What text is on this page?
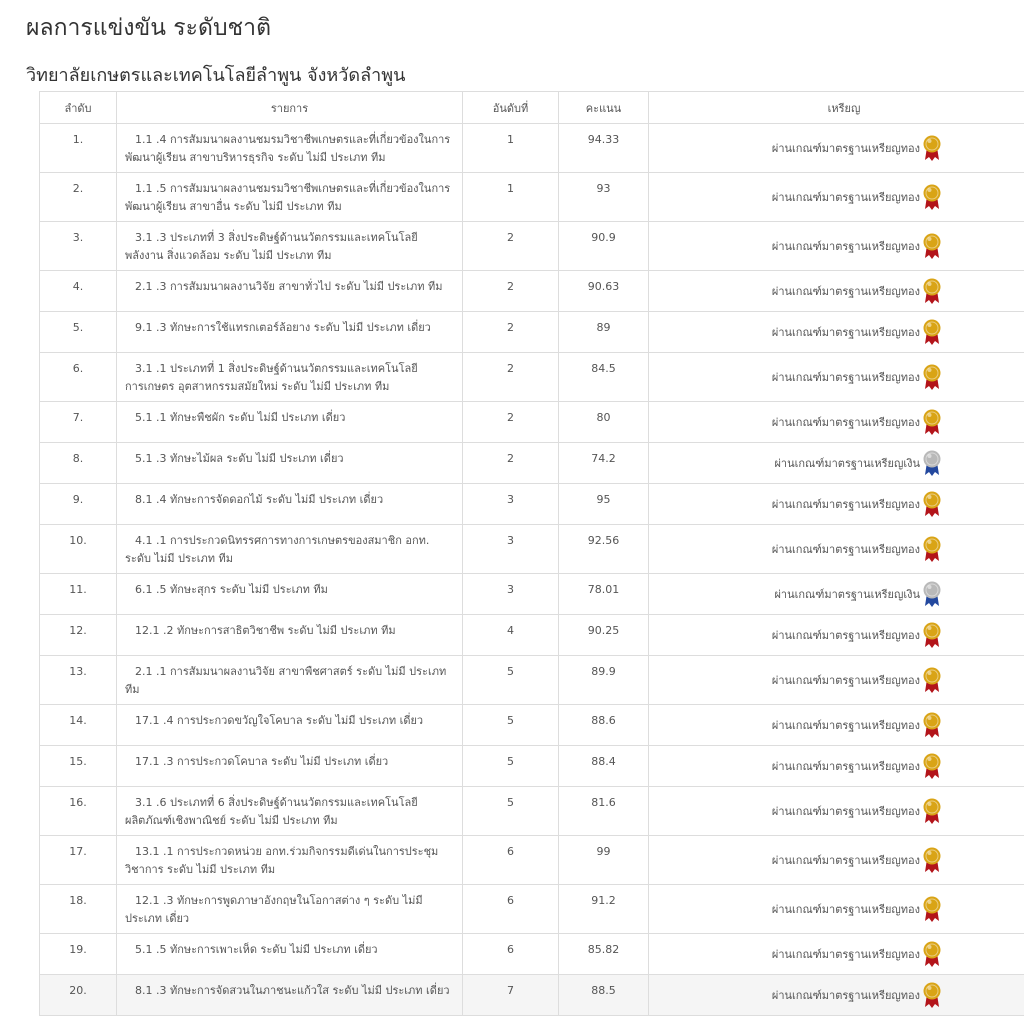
ผลการแข่งขัน ระดับชาติ
วิทยาลัยเกษตรและเทคโนโลยีลำพูน จังหวัดลำพูน
ลำดับ	รายการ	อันดับที่	คะแนน	เหรียญ
1.	1.1 .4 การสัมมนาผลงานชมรมวิชาชีพเกษตรและที่เกี่ยวข้องในการพัฒนาผู้เรียน สาขาบริหารธุรกิจ ระดับ ไม่มี ประเภท ทีม	1	94.33	ผ่านเกณฑ์มาตรฐานเหรียญทอง
2.	1.1 .5 การสัมมนาผลงานชมรมวิชาชีพเกษตรและที่เกี่ยวข้องในการพัฒนาผู้เรียน สาขาอื่น ระดับ ไม่มี ประเภท ทีม	1	93	ผ่านเกณฑ์มาตรฐานเหรียญทอง
3.	3.1 .3 ประเภทที่ 3 สิ่งประดิษฐ์ด้านนวัตกรรมและเทคโนโลยีพลังงาน สิ่งแวดล้อม ระดับ ไม่มี ประเภท ทีม	2	90.9	ผ่านเกณฑ์มาตรฐานเหรียญทอง
4.	2.1 .3 การสัมมนาผลงานวิจัย สาขาทั่วไป ระดับ ไม่มี ประเภท ทีม	2	90.63	ผ่านเกณฑ์มาตรฐานเหรียญทอง
5.	9.1 .3 ทักษะการใช้แทรกเตอร์ล้อยาง ระดับ ไม่มี ประเภท เดี่ยว	2	89	ผ่านเกณฑ์มาตรฐานเหรียญทอง
6.	3.1 .1 ประเภทที่ 1 สิ่งประดิษฐ์ด้านนวัตกรรมและเทคโนโลยีการเกษตร อุตสาหกรรมสมัยใหม่ ระดับ ไม่มี ประเภท ทีม	2	84.5	ผ่านเกณฑ์มาตรฐานเหรียญทอง
7.	5.1 .1 ทักษะพืชผัก ระดับ ไม่มี ประเภท เดี่ยว	2	80	ผ่านเกณฑ์มาตรฐานเหรียญทอง
8.	5.1 .3 ทักษะไม้ผล ระดับ ไม่มี ประเภท เดี่ยว	2	74.2	ผ่านเกณฑ์มาตรฐานเหรียญเงิน
9.	8.1 .4 ทักษะการจัดดอกไม้ ระดับ ไม่มี ประเภท เดี่ยว	3	95	ผ่านเกณฑ์มาตรฐานเหรียญทอง
10.	4.1 .1 การประกวดนิทรรศการทางการเกษตรของสมาชิก อกท. ระดับ ไม่มี ประเภท ทีม	3	92.56	ผ่านเกณฑ์มาตรฐานเหรียญทอง
11.	6.1 .5 ทักษะสุกร ระดับ ไม่มี ประเภท ทีม	3	78.01	ผ่านเกณฑ์มาตรฐานเหรียญเงิน
12.	12.1 .2 ทักษะการสาธิตวิชาชีพ ระดับ ไม่มี ประเภท ทีม	4	90.25	ผ่านเกณฑ์มาตรฐานเหรียญทอง
13.	2.1 .1 การสัมมนาผลงานวิจัย สาขาพืชศาสตร์ ระดับ ไม่มี ประเภท ทีม	5	89.9	ผ่านเกณฑ์มาตรฐานเหรียญทอง
14.	17.1 .4 การประกวดขวัญใจโคบาล ระดับ ไม่มี ประเภท เดี่ยว	5	88.6	ผ่านเกณฑ์มาตรฐานเหรียญทอง
15.	17.1 .3 การประกวดโคบาล ระดับ ไม่มี ประเภท เดี่ยว	5	88.4	ผ่านเกณฑ์มาตรฐานเหรียญทอง
16.	3.1 .6 ประเภทที่ 6 สิ่งประดิษฐ์ด้านนวัตกรรมและเทคโนโลยีผลิตภัณฑ์เชิงพาณิชย์ ระดับ ไม่มี ประเภท ทีม	5	81.6	ผ่านเกณฑ์มาตรฐานเหรียญทอง
17.	13.1 .1 การประกวดหน่วย อกท.ร่วมกิจกรรมดีเด่นในการประชุมวิชาการ ระดับ ไม่มี ประเภท ทีม	6	99	ผ่านเกณฑ์มาตรฐานเหรียญทอง
18.	12.1 .3 ทักษะการพูดภาษาอังกฤษในโอกาสต่าง ๆ ระดับ ไม่มี ประเภท เดี่ยว	6	91.2	ผ่านเกณฑ์มาตรฐานเหรียญทอง
19.	5.1 .5 ทักษะการเพาะเห็ด ระดับ ไม่มี ประเภท เดี่ยว	6	85.82	ผ่านเกณฑ์มาตรฐานเหรียญทอง
20.	8.1 .3 ทักษะการจัดสวนในภาชนะแก้วใส ระดับ ไม่มี ประเภท เดี่ยว	7	88.5	ผ่านเกณฑ์มาตรฐานเหรียญทอง
